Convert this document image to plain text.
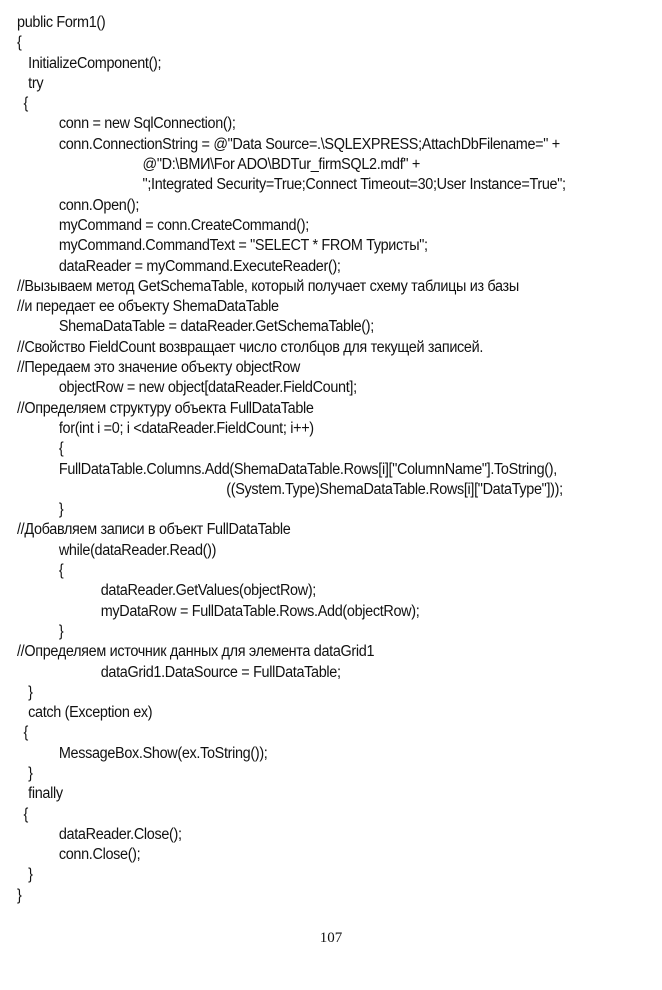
public Form1()
{
InitializeComponent();
try
{
conn = new SqlConnection();
conn.ConnectionString = @"Data Source=.\SQLEXPRESS;AttachDbFilename=" +
@"D:\ВМИ\For ADO\BDTur_firmSQL2.mdf" +
";Integrated Security=True;Connect Timeout=30;User Instance=True";
conn.Open();
myCommand = conn.CreateCommand();
myCommand.CommandText = "SELECT * FROM Туристы";
dataReader = myCommand.ExecuteReader();
//Вызываем метод GetSchemaTable, который получает схему таблицы из базы
//и передает ее объекту ShemaDataTable
ShemaDataTable = dataReader.GetSchemaTable();
//Свойство FieldCount возвращает число столбцов для текущей записей.
//Передаем это значение объекту objectRow
objectRow = new object[dataReader.FieldCount];
//Определяем структуру объекта FullDataTable
for(int i =0; i <dataReader.FieldCount; i++)
{
FullDataTable.Columns.Add(ShemaDataTable.Rows[i]["ColumnName"].ToString(),
((System.Type)ShemaDataTable.Rows[i]["DataType"]));
}
//Добавляем записи в объект FullDataTable
while(dataReader.Read())
{
dataReader.GetValues(objectRow);
myDataRow = FullDataTable.Rows.Add(objectRow);
}
//Определяем источник данных для элемента dataGrid1
dataGrid1.DataSource = FullDataTable;
}
catch (Exception ex)
{
MessageBox.Show(ex.ToString());
}
finally
{
dataReader.Close();
conn.Close();
}
}
107
